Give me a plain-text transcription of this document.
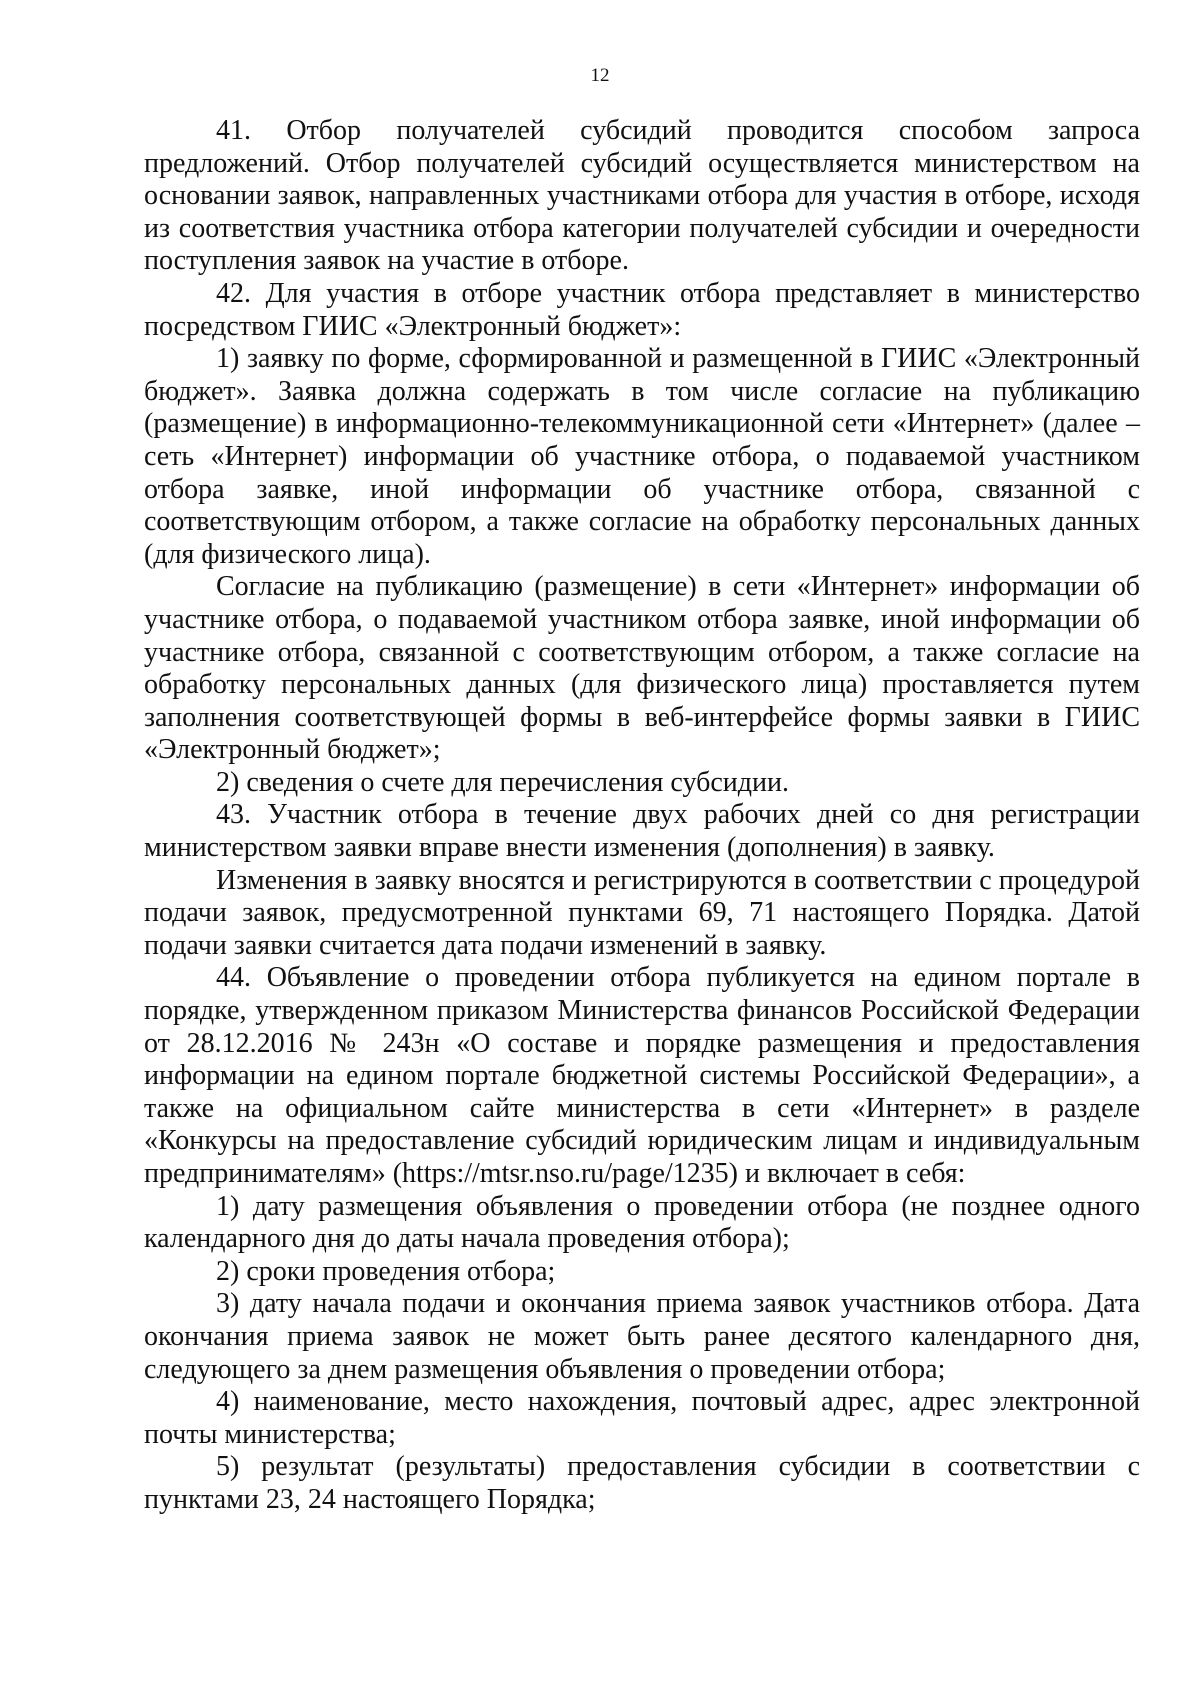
12

41. Отбор получателей субсидий проводится способом запроса предложений. Отбор получателей субсидий осуществляется министерством на основании заявок, направленных участниками отбора для участия в отборе, исходя из соответствия участника отбора категории получателей субсидии и очередности поступления заявок на участие в отборе.

42. Для участия в отборе участник отбора представляет в министерство посредством ГИИС «Электронный бюджет»:

1) заявку по форме, сформированной и размещенной в ГИИС «Электронный бюджет». Заявка должна содержать в том числе согласие на публикацию (размещение) в информационно-телекоммуникационной сети «Интернет» (далее – сеть «Интернет) информации об участнике отбора, о подаваемой участником отбора заявке, иной информации об участнике отбора, связанной с соответствующим отбором, а также согласие на обработку персональных данных (для физического лица).

Согласие на публикацию (размещение) в сети «Интернет» информации об участнике отбора, о подаваемой участником отбора заявке, иной информации об участнике отбора, связанной с соответствующим отбором, а также согласие на обработку персональных данных (для физического лица) проставляется путем заполнения соответствующей формы в веб-интерфейсе формы заявки в ГИИС «Электронный бюджет»;

2) сведения о счете для перечисления субсидии.

43. Участник отбора в течение двух рабочих дней со дня регистрации министерством заявки вправе внести изменения (дополнения) в заявку.

Изменения в заявку вносятся и регистрируются в соответствии с процедурой подачи заявок, предусмотренной пунктами 69, 71 настоящего Порядка. Датой подачи заявки считается дата подачи изменений в заявку.

44. Объявление о проведении отбора публикуется на едином портале в порядке, утвержденном приказом Министерства финансов Российской Федерации от 28.12.2016 № 243н «О составе и порядке размещения и предоставления информации на едином портале бюджетной системы Российской Федерации», а также на официальном сайте министерства в сети «Интернет» в разделе «Конкурсы на предоставление субсидий юридическим лицам и индивидуальным предпринимателям» (https://mtsr.nso.ru/page/1235) и включает в себя:

1) дату размещения объявления о проведении отбора (не позднее одного календарного дня до даты начала проведения отбора);

2) сроки проведения отбора;

3) дату начала подачи и окончания приема заявок участников отбора. Дата окончания приема заявок не может быть ранее десятого календарного дня, следующего за днем размещения объявления о проведении отбора;

4) наименование, место нахождения, почтовый адрес, адрес электронной почты министерства;

5) результат (результаты) предоставления субсидии в соответствии с пунктами 23, 24 настоящего Порядка;
